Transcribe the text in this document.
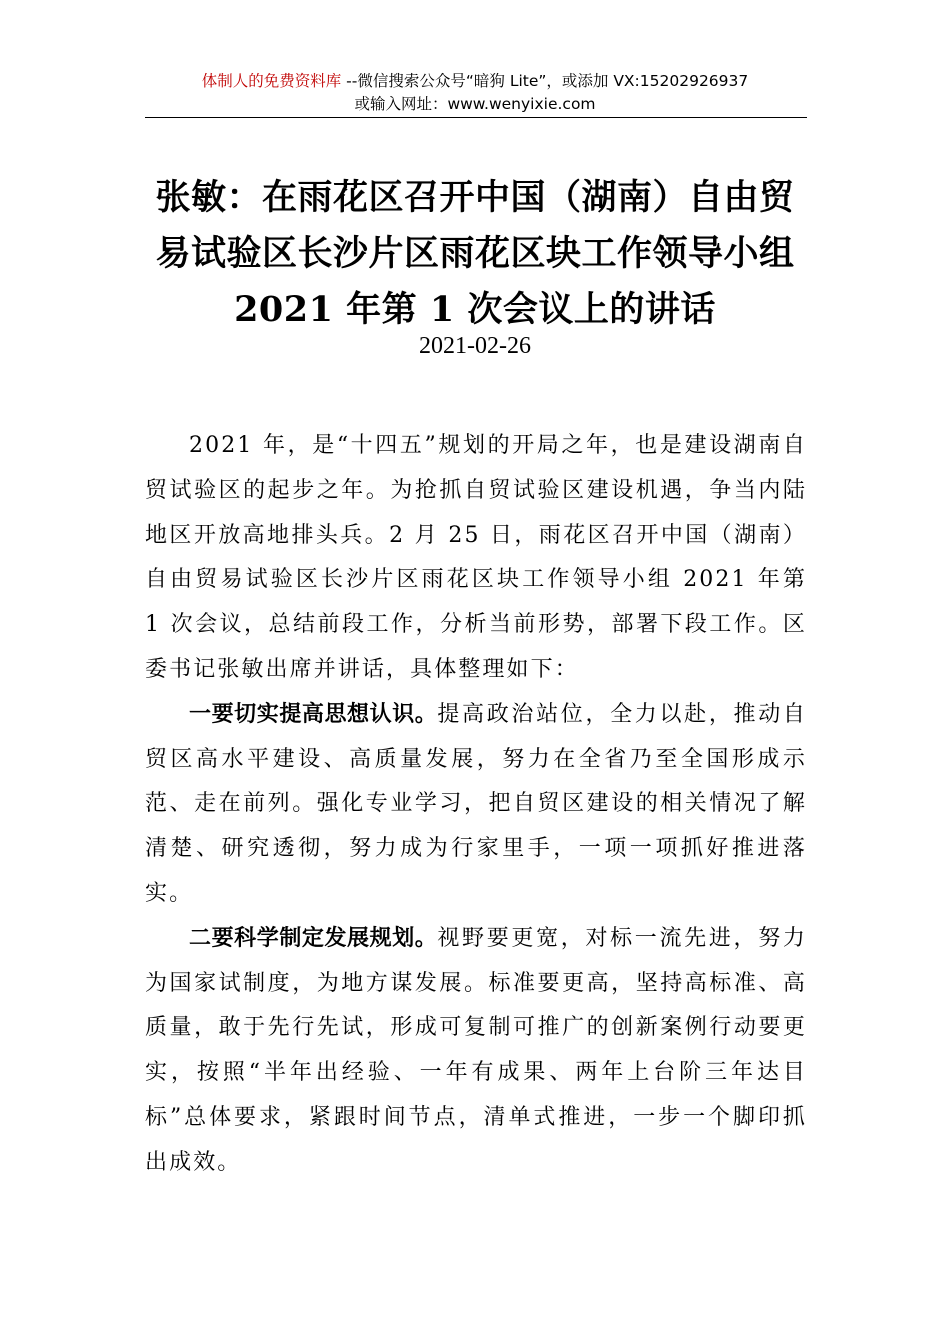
体制人的免费资料库 --微信搜索公众号“暗狗 Lite”，或添加 VX:15202926937
或输入网址：www.wenyixie.com
张敏：在雨花区召开中国（湖南）自由贸
易试验区长沙片区雨花区块工作领导小组
2021 年第 1 次会议上的讲话
2021-02-26

2021 年，是“十四五”规划的开局之年，也是建设湖南自贸试验区的起步之年。为抢抓自贸试验区建设机遇，争当内陆地区开放高地排头兵。2 月 25 日，雨花区召开中国（湖南）自由贸易试验区长沙片区雨花区块工作领导小组 2021 年第 1 次会议，总结前段工作，分析当前形势，部署下段工作。区委书记张敏出席并讲话，具体整理如下：

一要切实提高思想认识。提高政治站位，全力以赴，推动自贸区高水平建设、高质量发展，努力在全省乃至全国形成示范、走在前列。强化专业学习，把自贸区建设的相关情况了解清楚、研究透彻，努力成为行家里手，一项一项抓好推进落实。

二要科学制定发展规划。视野要更宽，对标一流先进，努力为国家试制度，为地方谋发展。标准要更高，坚持高标准、高质量，敢于先行先试，形成可复制可推广的创新案例行动要更实，按照“半年出经验、一年有成果、两年上台阶三年达目标”总体要求，紧跟时间节点，清单式推进，一步一个脚印抓出成效。
